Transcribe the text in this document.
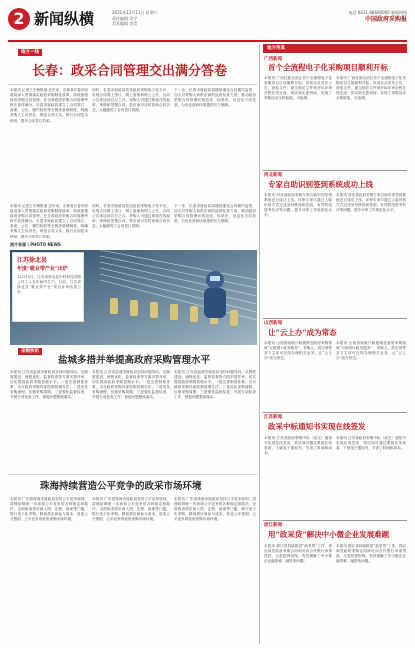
2 新闻纵横	2021年12月11日 星期六
责任编辑 吴宇
美术编辑 李青
电话 0431-88600000 新闻热线
中国政府采购报
地方传真
地方一线
长春：政采合同管理交出满分答卷
本报讯 记者王冬梅报道 近年来，吉林省长春市财政局深入贯彻落实政府采购制度改革，持续加强政府采购合同管理，在全省政府采购合同管理考核中获得满分。长春市财政局建立了合同签订、备案、公告、履约验收等全链条管理制度，明确采购人主体责任，规范合同文本，推行合同范本使用，提升合同签订效率。
同时，长春市财政局依托政府采购电子化平台，实现合同网上签订、网上备案和网上公开，合同公告率达到百分之百。采购人可通过系统在线起草、审核和签署合同，供应商可实时查询合同状态，大幅缩短了合同签订周期。
下一步，长春市财政局将继续强化合同履约监管，加大对采购人和供应商的监督检查力度，推动政府采购合同管理向规范化、标准化、信息化方向发展，为优化营商环境提供有力保障。
本报讯 记者王冬梅报道 近年来，吉林省长春市财政局深入贯彻落实政府采购制度改革，持续加强政府采购合同管理，在全省政府采购合同管理考核中获得满分。长春市财政局建立了合同签订、备案、公告、履约验收等全链条管理制度，明确采购人主体责任，规范合同文本，推行合同范本使用，提升合同签订效率。
同时，长春市财政局依托政府采购电子化平台，实现合同网上签订、网上备案和网上公开，合同公告率达到百分之百。采购人可通过系统在线起草、审核和签署合同，供应商可实时查询合同状态，大幅缩短了合同签订周期。
下一步，长春市财政局将继续强化合同履约监管，加大对采购人和供应商的监督检查力度，推动政府采购合同管理向规范化、标准化、信息化方向发展，为优化营商环境提供有力保障。
图片来源 | PHOTO NEWS
江苏徐北县
年度“就业带产业”出炉
12月10日，江苏省徐北县中科科技有限公司工人在车间内生产。日前，江苏省徐北县“就业带产业”项目评审结果公布。
采购快讯
盐城多措并举提高政府采购管理水平
本报讯 江苏省盐城市财政局坚持问题导向，从制度建设、流程优化、监督检查等方面多措并举，切实提高政府采购管理水平。一是完善制度体系，出台政府采购内部控制管理办法；二是优化采购流程，压缩采购周期；三是强化监督检查，开展专项检查工作，督促问题整改落实。
本报讯 江苏省盐城市财政局坚持问题导向，从制度建设、流程优化、监督检查等方面多措并举，切实提高政府采购管理水平。一是完善制度体系，出台政府采购内部控制管理办法；二是优化采购流程，压缩采购周期；三是强化监督检查，开展专项检查工作，督促问题整改落实。
本报讯 江苏省盐城市财政局坚持问题导向，从制度建设、流程优化、监督检查等方面多措并举，切实提高政府采购管理水平。一是完善制度体系，出台政府采购内部控制管理办法；二是优化采购流程，压缩采购周期；三是强化监督检查，开展专项检查工作，督促问题整改落实。
珠海持续营造公平竞争的政采市场环境
本报讯 广东省珠海市财政局坚持公平竞争原则，清理妨碍统一市场和公平竞争的各种规定和做法，全面取消供应商入围、注册、备案等门槛，推行电子化采购，降低供应商参与成本，营造公开透明、公平竞争的政府采购市场环境。
本报讯 广东省珠海市财政局坚持公平竞争原则，清理妨碍统一市场和公平竞争的各种规定和做法，全面取消供应商入围、注册、备案等门槛，推行电子化采购，降低供应商参与成本，营造公开透明、公平竞争的政府采购市场环境。
本报讯 广东省珠海市财政局坚持公平竞争原则，清理妨碍统一市场和公平竞争的各种规定和做法，全面取消供应商入围、注册、备案等门槛，推行电子化采购，降低供应商参与成本，营造公开透明、公平竞争的政府采购市场环境。
广西新闻
首个全流程电子化采购项目顺利开标
本报讯 广西壮族自治区首个全流程电子化采购项目日前顺利开标。该项目从发布公告、获取文件、递交响应文件到开标评审全程在线完成，供应商无需到场，实现了采购活动全程留痕、可追溯。
本报讯 广西壮族自治区首个全流程电子化采购项目日前顺利开标。该项目从发布公告、获取文件、递交响应文件到开标评审全程在线完成，供应商无需到场，实现了采购活动全程留痕、可追溯。
河北新闻
专家自助识别签到系统成功上线
本报讯 河北省政府采购专家自助识别签到系统近日成功上线。评审专家可通过人脸识别方式完成身份核验和签到，有效防范替考代评等问题，提升评审工作规范化水平。
本报讯 河北省政府采购专家自助识别签到系统近日成功上线。评审专家可通过人脸识别方式完成身份核验和签到，有效防范替考代评等问题，提升评审工作规范化水平。
山西新闻
让“云上办”成为常态
本报讯 山西省财政厅积极推进政府采购领域“互联网+政务服务”，采购人、供应商等各方主体可在线办理相关业务，让“云上办”成为常态。
本报讯 山西省财政厅积极推进政府采购领域“互联网+政务服务”，采购人、供应商等各方主体可在线办理相关业务，让“云上办”成为常态。
江苏新闻
政采中标通知书实现在线签发
本报讯 江苏省政府采购中标（成交）通知书实现在线签发，供应商可通过系统在线查看、下载电子通知书，节省了时间和成本。
本报讯 江苏省政府采购中标（成交）通知书实现在线签发，供应商可通过系统在线查看、下载电子通知书，节省了时间和成本。
浙江新闻
用“政采贷”解决中小微企业发展难题
本报讯 浙江省持续推进“政采贷”工作，供应商凭政府采购合同即可向合作银行申请贷款，无需抵押担保，有效缓解了中小微企业融资难、融资贵问题。
本报讯 浙江省持续推进“政采贷”工作，供应商凭政府采购合同即可向合作银行申请贷款，无需抵押担保，有效缓解了中小微企业融资难、融资贵问题。
